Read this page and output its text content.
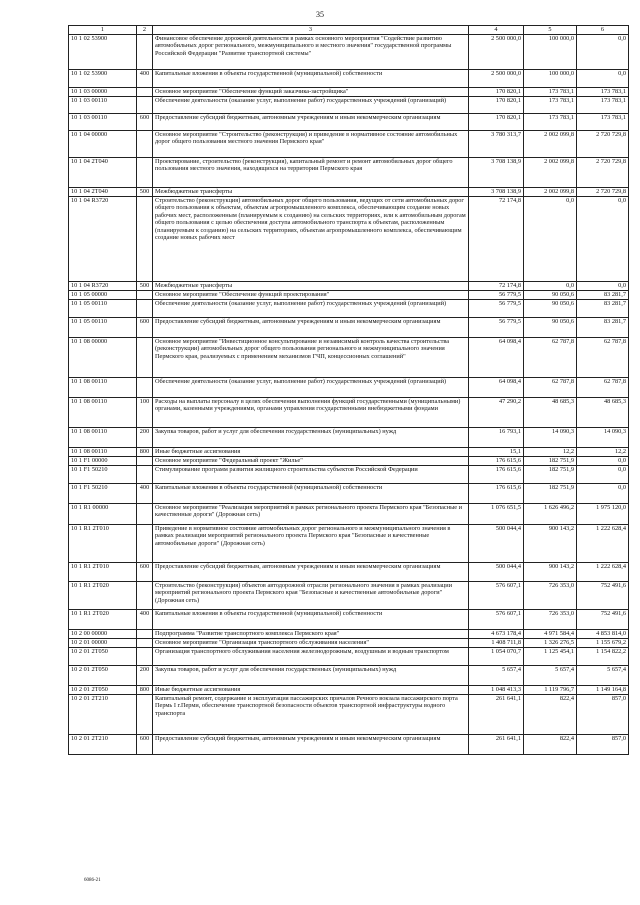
35
1	2	3	4	5	6
10 1 02 53900		Финансовое обеспечение дорожной деятельности в рамках основного мероприятия "Содействие развитию автомобильных дорог регионального, межмуниципального и местного значения" государственной программы Российской Федерации "Развитие транспортной системы"	2 500 000,0	100 000,0	0,0
10 1 02 53900	400	Капитальные вложения в объекты государственной (муниципальной) собственности	2 500 000,0	100 000,0	0,0
10 1 03 00000		Основное мероприятие "Обеспечение функций заказчика-застройщика"	170 820,1	173 783,1	173 783,1
10 1 03 00110		Обеспечение деятельности (оказание услуг, выполнение работ) государственных учреждений (организаций)	170 820,1	173 783,1	173 783,1
10 1 03 00110	600	Предоставление субсидий бюджетным, автономным учреждениям и иным некоммерческим организациям	170 820,1	173 783,1	173 783,1
10 1 04 00000		Основное мероприятие "Строительство (реконструкция) и приведение в нормативное состояние автомобильных дорог общего пользования местного значения Пермского края"	3 780 313,7	2 002 099,8	2 720 729,8
10 1 04 2Т040		Проектирование, строительство (реконструкция), капитальный ремонт и ремонт автомобильных дорог общего пользования местного значения, находящихся на территории Пермского края	3 708 138,9	2 002 099,8	2 720 729,8
10 1 04 2Т040	500	Межбюджетные трансферты	3 708 138,9	2 002 099,8	2 720 729,8
10 1 04 R3720		Строительство (реконструкция) автомобильных дорог общего пользования, ведущих от сети автомобильных дорог общего пользования к объектам, объектам агропромышленного комплекса, обеспечивающим создание новых рабочих мест, расположенным (планируемым к созданию) на сельских территориях, или к автомобильным дорогам общего пользования с целью обеспечения доступа автомобильного транспорта к объектам, расположенным (планируемым к созданию) на сельских территориях, объектам агропромышленного комплекса, обеспечивающим создание новых рабочих мест	72 174,8	0,0	0,0
10 1 04 R3720	500	Межбюджетные трансферты	72 174,8	0,0	0,0
10 1 05 00000		Основное мероприятие "Обеспечение функций проектирования"	56 779,5	90 050,6	83 281,7
10 1 05 00110		Обеспечение деятельности (оказание услуг, выполнение работ) государственных учреждений (организаций)	56 779,5	90 050,6	83 281,7
10 1 05 00110	600	Предоставление субсидий бюджетным, автономным учреждениям и иным некоммерческим организациям	56 779,5	90 050,6	83 281,7
10 1 08 00000		Основное мероприятие "Инвестиционное консультирование и независимый контроль качества строительства (реконструкции) автомобильных дорог общего пользования регионального и межмуниципального значения Пермского края, реализуемых с применением механизмов ГЧП, концессионных соглашений"	64 098,4	62 787,8	62 787,8
10 1 08 00110		Обеспечение деятельности (оказание услуг, выполнение работ) государственных учреждений (организаций)	64 098,4	62 787,8	62 787,8
10 1 08 00110	100	Расходы на выплаты персоналу в целях обеспечения выполнения функций государственными (муниципальными) органами, казенными учреждениями, органами управления государственными внебюджетными фондами	47 290,2	48 685,3	48 685,3
10 1 08 00110	200	Закупка товаров, работ и услуг для обеспечения государственных (муниципальных) нужд	16 793,1	14 090,3	14 090,3
10 1 08 00110	800	Иные бюджетные ассигнования	15,1	12,2	12,2
10 1 F1 00000		Основное мероприятие "Федеральный проект "Жилье"	176 615,6	182 751,9	0,0
10 1 F1 50210		Стимулирование программ развития жилищного строительства субъектов Российской Федерации	176 615,6	182 751,9	0,0
10 1 F1 50210	400	Капитальные вложения в объекты государственной (муниципальной) собственности	176 615,6	182 751,9	0,0
10 1 R1 00000		Основное мероприятие "Реализация мероприятий в рамках регионального проекта Пермского края "Безопасные и качественные дороги" (Дорожная сеть)	1 076 651,5	1 626 496,2	1 975 120,0
10 1 R1 2Т010		Приведение в нормативное состояние автомобильных дорог регионального и межмуниципального значения в рамках реализации мероприятий регионального проекта Пермского края "Безопасные и качественные автомобильные дороги" (Дорожная сеть)	500 044,4	900 143,2	1 222 628,4
10 1 R1 2Т010	600	Предоставление субсидий бюджетным, автономным учреждениям и иным некоммерческим организациям	500 044,4	900 143,2	1 222 628,4
10 1 R1 2Т020		Строительство (реконструкция) объектов автодорожной отрасли регионального значения в рамках реализации мероприятий регионального проекта Пермского края "Безопасные и качественные автомобильные дороги" (Дорожная сеть)	576 607,1	726 353,0	752 491,6
10 1 R1 2Т020	400	Капитальные вложения в объекты государственной (муниципальной) собственности	576 607,1	726 353,0	752 491,6
10 2 00 00000		Подпрограмма "Развитие транспортного комплекса Пермского края"	4 673 178,4	4 971 584,4	4 853 814,0
10 2 01 00000		Основное мероприятие "Организация транспортного обслуживания населения"	1 408 711,8	1 326 276,5	1 155 679,2
10 2 01 2Т050		Организация транспортного обслуживания населения железнодорожным, воздушным и водным транспортом	1 054 070,7	1 125 454,1	1 154 822,2
10 2 01 2Т050	200	Закупка товаров, работ и услуг для обеспечения государственных (муниципальных) нужд	5 657,4	5 657,4	5 657,4
10 2 01 2Т050	800	Иные бюджетные ассигнования	1 048 413,3	1 119 796,7	1 149 164,8
10 2 01 2Т210		Капитальный ремонт, содержание и эксплуатация пассажирских причалов Речного вокзала пассажирского порта Пермь I г.Перми, обеспечение транспортной безопасности объектов транспортной инфраструктуры водного транспорта	261 641,1	822,4	857,0
10 2 01 2Т210	600	Предоставление субсидий бюджетным, автономным учреждениям и иным некоммерческим организациям	261 641,1	822,4	857,0
6086-21
